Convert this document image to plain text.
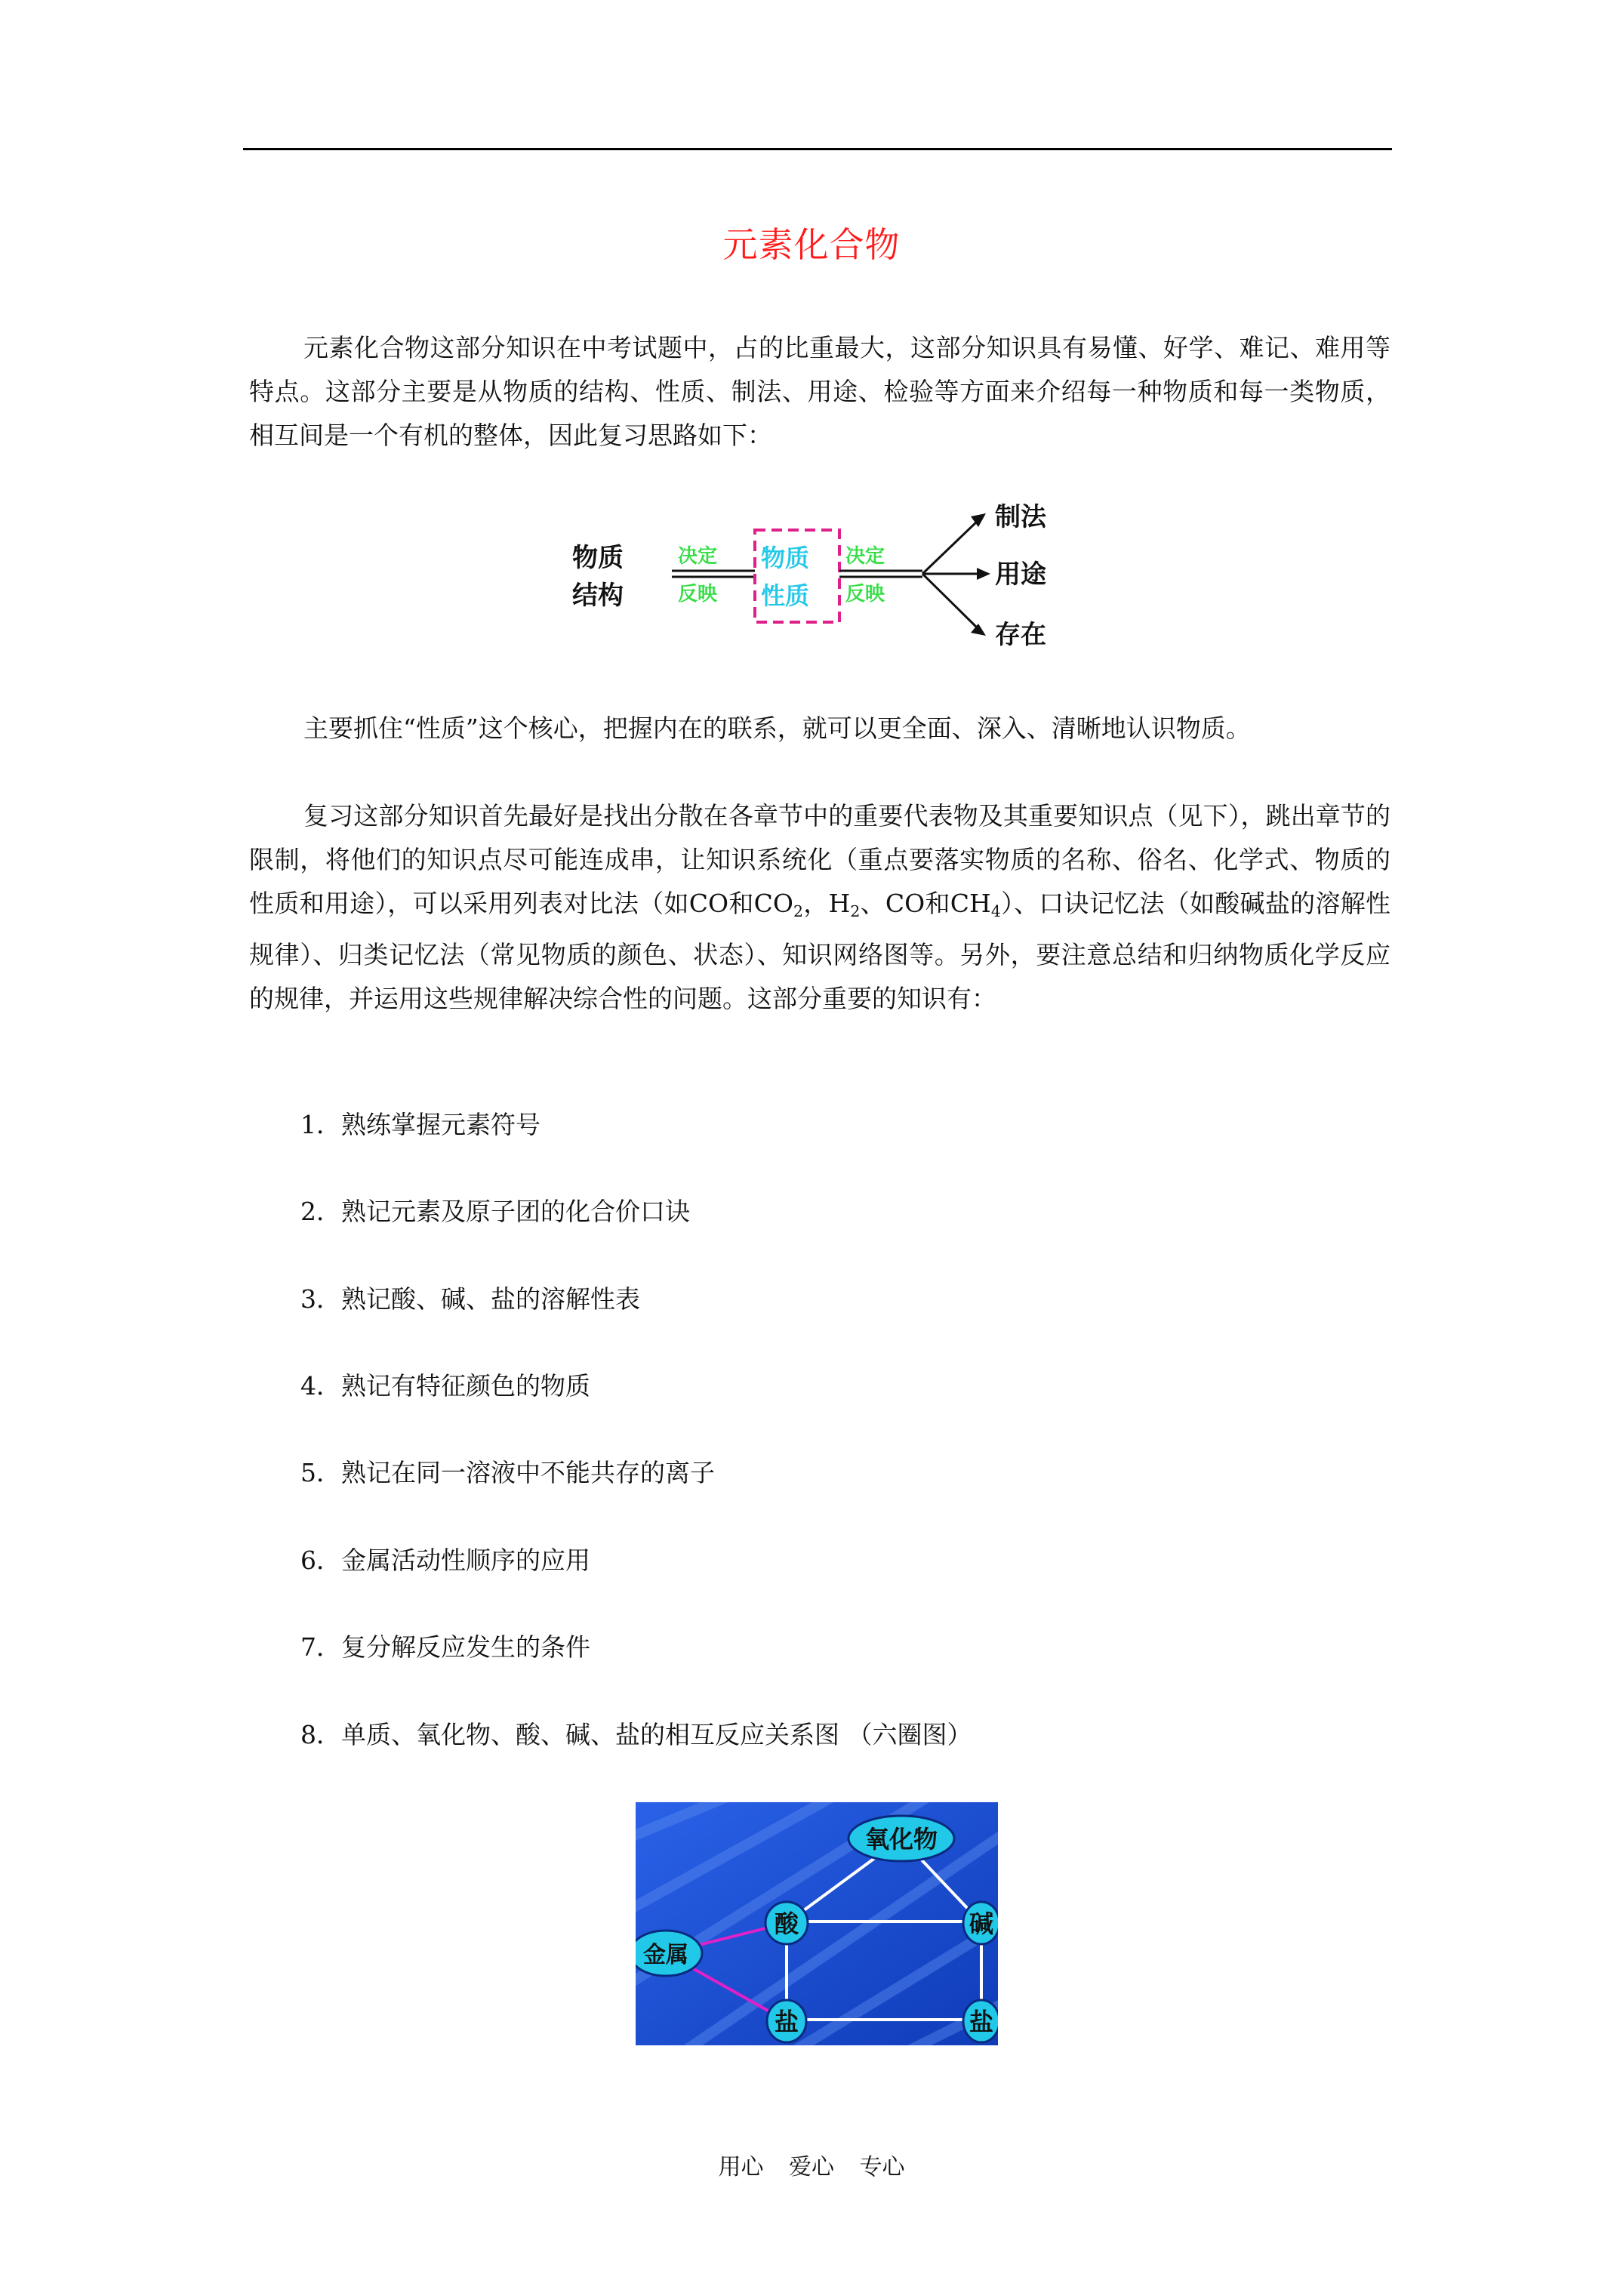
元素化合物

元素化合物这部分知识在中考试题中，占的比重最大，这部分知识具有易懂、好学、难记、难用等特点。这部分主要是从物质的结构、性质、制法、用途、检验等方面来介绍每一种物质和每一类物质，相互间是一个有机的整体，因此复习思路如下：

物质
结构
决定
反映
物质
性质
决定
反映
制法
用途
存在

主要抓住“性质”这个核心，把握内在的联系，就可以更全面、深入、清晰地认识物质。

复习这部分知识首先最好是找出分散在各章节中的重要代表物及其重要知识点（见下），跳出章节的限制，将他们的知识点尽可能连成串，让知识系统化（重点要落实物质的名称、俗名、化学式、物质的性质和用途），可以采用列表对比法（如CO和$CO_2$，$H_2$、CO和$CH_4$）、口诀记忆法（如酸碱盐的溶解性规律）、归类记忆法（常见物质的颜色、状态）、知识网络图等。另外，要注意总结和归纳物质化学反应的规律，并运用这些规律解决综合性的问题。这部分重要的知识有：

1．熟练掌握元素符号
2．熟记元素及原子团的化合价口诀
3．熟记酸、碱、盐的溶解性表
4．熟记有特征颜色的物质
5．熟记在同一溶液中不能共存的离子
6．金属活动性顺序的应用
7．复分解反应发生的条件
8．单质、氧化物、酸、碱、盐的相互反应关系图 （六圈图）
氧化物
酸	碱
金属
盐	盐
用心 爱心 专心
